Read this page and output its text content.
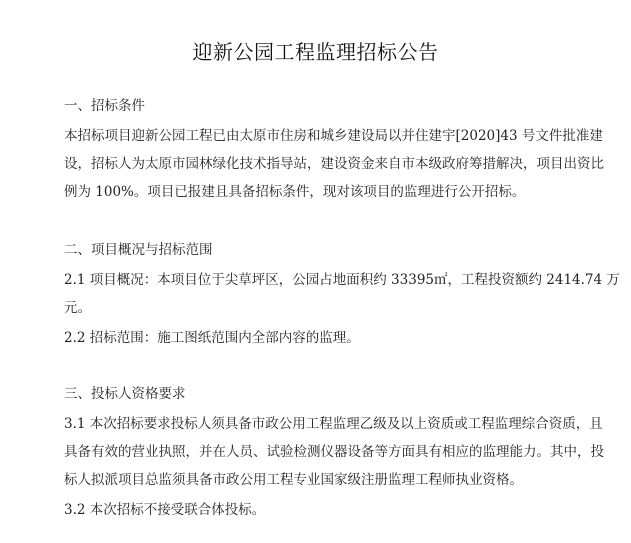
迎新公园工程监理招标公告
一、招标条件
本招标项目迎新公园工程已由太原市住房和城乡建设局以并住建宇[2020]43 号文件批准建
设，招标人为太原市园林绿化技术指导站，建设资金来自市本级政府筹措解决，项目出资比
例为 100%。项目已报建且具备招标条件，现对该项目的监理进行公开招标。
二、项目概况与招标范围
2.1 项目概况：本项目位于尖草坪区，公园占地面积约 33395㎡，工程投资额约 2414.74 万
元。
2.2 招标范围：施工图纸范围内全部内容的监理。
三、投标人资格要求
3.1 本次招标要求投标人须具备市政公用工程监理乙级及以上资质或工程监理综合资质，且
具备有效的营业执照，并在人员、试验检测仪器设备等方面具有相应的监理能力。其中，投
标人拟派项目总监须具备市政公用工程专业国家级注册监理工程师执业资格。
3.2 本次招标不接受联合体投标。
